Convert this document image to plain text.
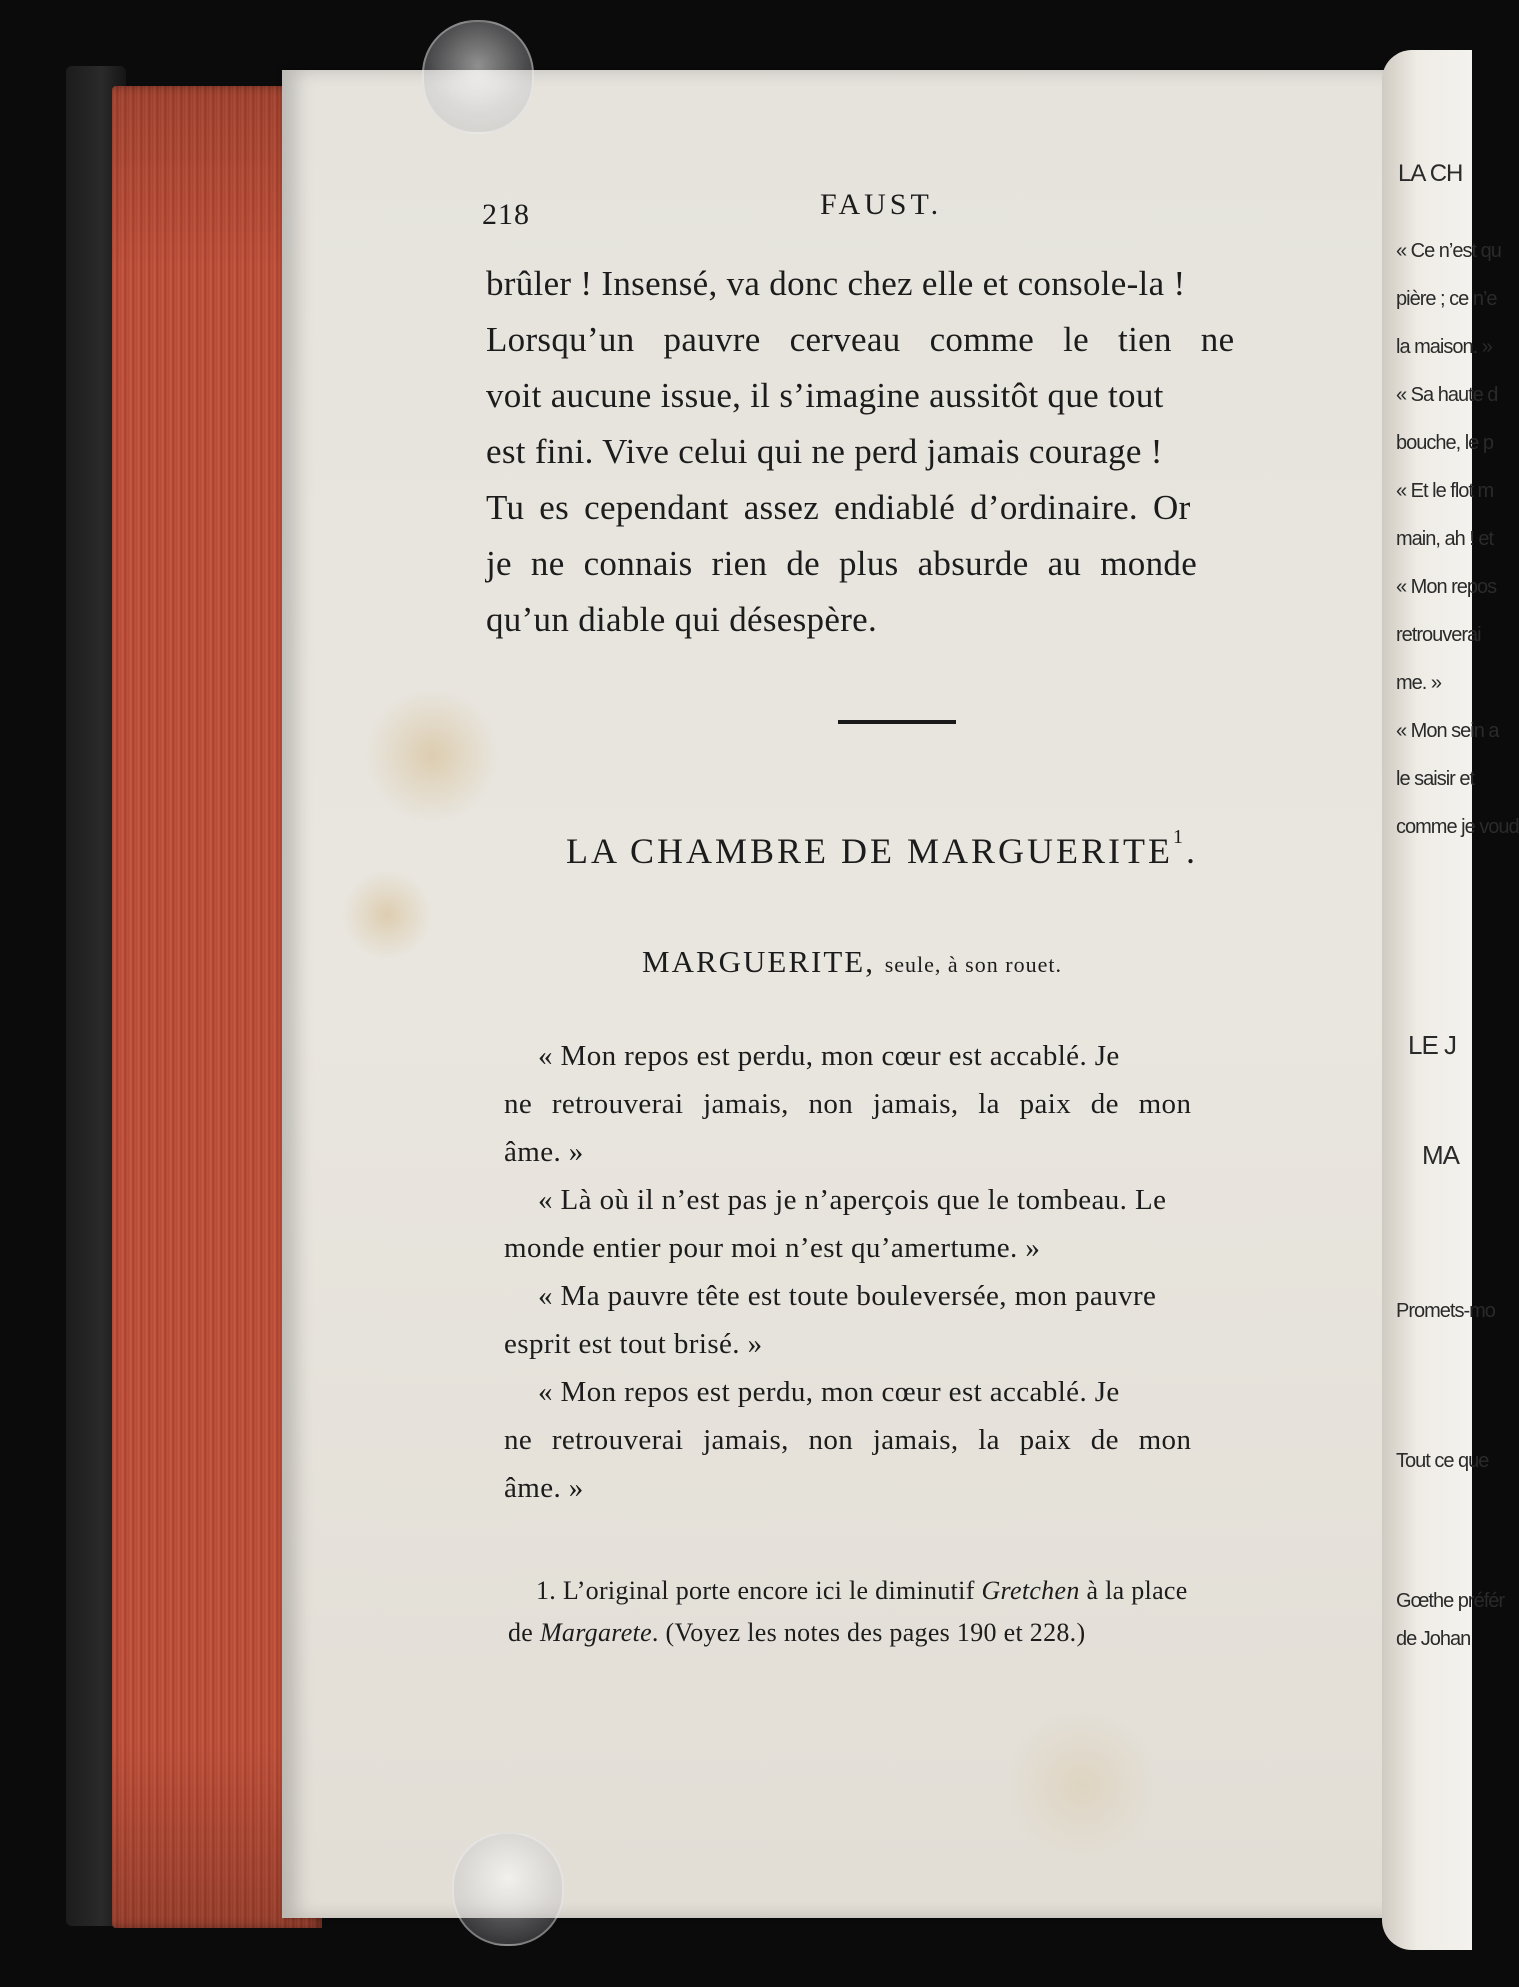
LA CH
« Ce n’est qu
pière ; ce n’e
la maison. »
« Sa haute d
bouche, le p
« Et le flot m
main, ah ! et
« Mon repos
retrouverai
me. »
« Mon sein a
le saisir et
comme je voud
LE J
MA
Promets-mo
Tout ce que
Gœthe préfér
de Johan
218	FAUST.
brûler ! Insensé, va donc chez elle et console-la !
Lorsqu’un pauvre cerveau comme le tien ne
voit aucune issue, il s’imagine aussitôt que tout
est fini. Vive celui qui ne perd jamais courage !
Tu es cependant assez endiablé d’ordinaire. Or
je ne connais rien de plus absurde au monde
qu’un diable qui désespère.
LA CHAMBRE DE MARGUERITE$^1$.
MARGUERITE, seule, à son rouet.
« Mon repos est perdu, mon cœur est accablé. Je
ne retrouverai jamais, non jamais, la paix de mon
âme. »
« Là où il n’est pas je n’aperçois que le tombeau. Le
monde entier pour moi n’est qu’amertume. »
« Ma pauvre tête est toute bouleversée, mon pauvre
esprit est tout brisé. »
« Mon repos est perdu, mon cœur est accablé. Je
ne retrouverai jamais, non jamais, la paix de mon
âme. »
1. L’original porte encore ici le diminutif Gretchen à la place
de Margarete. (Voyez les notes des pages 190 et 228.)
